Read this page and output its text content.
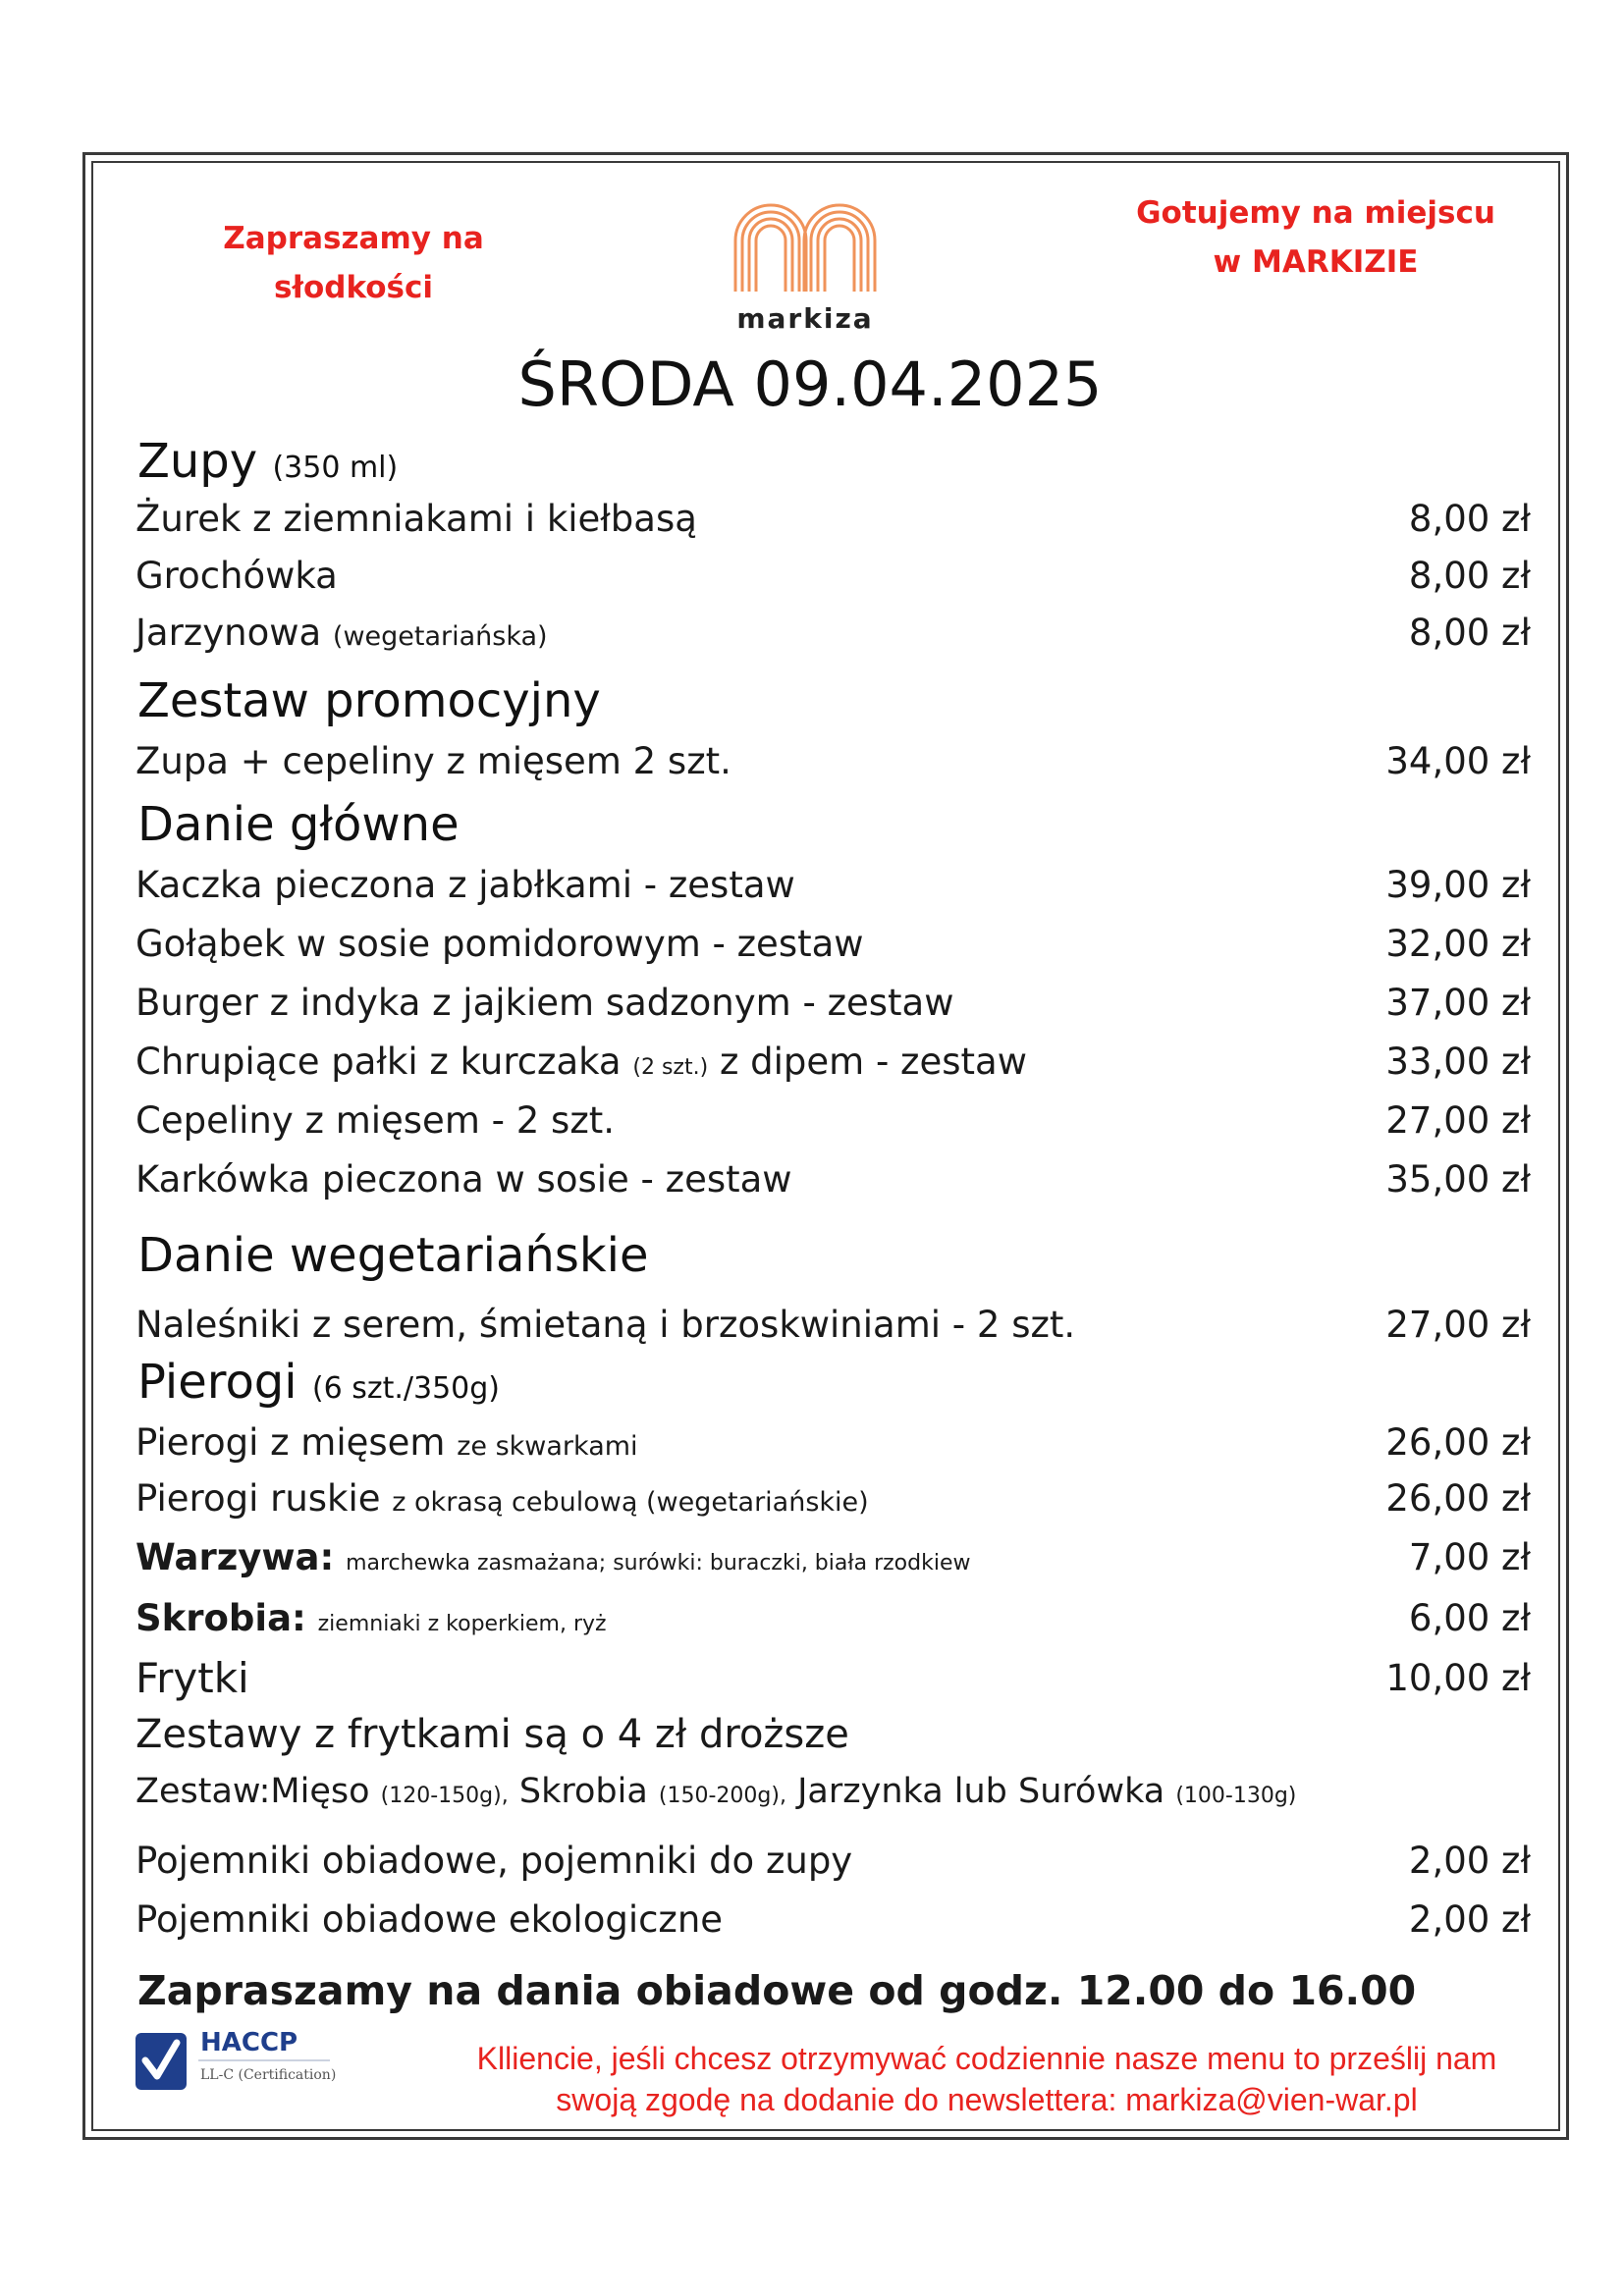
Zapraszamy na
słodkości
markiza
Gotujemy na miejscu
w MARKIZIE
ŚRODA 09.04.2025
Zupy (350 ml)
Żurek z ziemniakami i kiełbasą	8,00 zł
Grochówka	8,00 zł
Jarzynowa (wegetariańska)	8,00 zł
Zestaw promocyjny
Zupa + cepeliny z mięsem 2 szt.	34,00 zł
Danie główne
Kaczka pieczona z jabłkami - zestaw	39,00 zł
Gołąbek w sosie pomidorowym - zestaw	32,00 zł
Burger z indyka z jajkiem sadzonym - zestaw	37,00 zł
Chrupiące pałki z kurczaka (2 szt.) z dipem - zestaw	33,00 zł
Cepeliny z mięsem - 2 szt.	27,00 zł
Karkówka pieczona w sosie - zestaw	35,00 zł
Danie wegetariańskie
Naleśniki z serem, śmietaną i brzoskwiniami - 2 szt.	27,00 zł
Pierogi (6 szt./350g)
Pierogi z mięsem ze skwarkami	26,00 zł
Pierogi ruskie z okrasą cebulową (wegetariańskie)	26,00 zł
Warzywa: marchewka zasmażana; surówki: buraczki, biała rzodkiew	7,00 zł
Skrobia: ziemniaki z koperkiem, ryż	6,00 zł
Frytki	10,00 zł
Zestawy z frytkami są o 4 zł droższe
Zestaw:Mięso (120-150g), Skrobia (150-200g), Jarzynka lub Surówka (100-130g)
Pojemniki obiadowe, pojemniki do zupy	2,00 zł
Pojemniki obiadowe ekologiczne	2,00 zł
Zapraszamy na dania obiadowe od godz. 12.00 do 16.00
HACCP
LL-C (Certification)	Klliencie, jeśli chcesz otrzymywać codziennie nasze menu to prześlij nam
swoją zgodę na dodanie do newslettera: markiza@vien-war.pl
